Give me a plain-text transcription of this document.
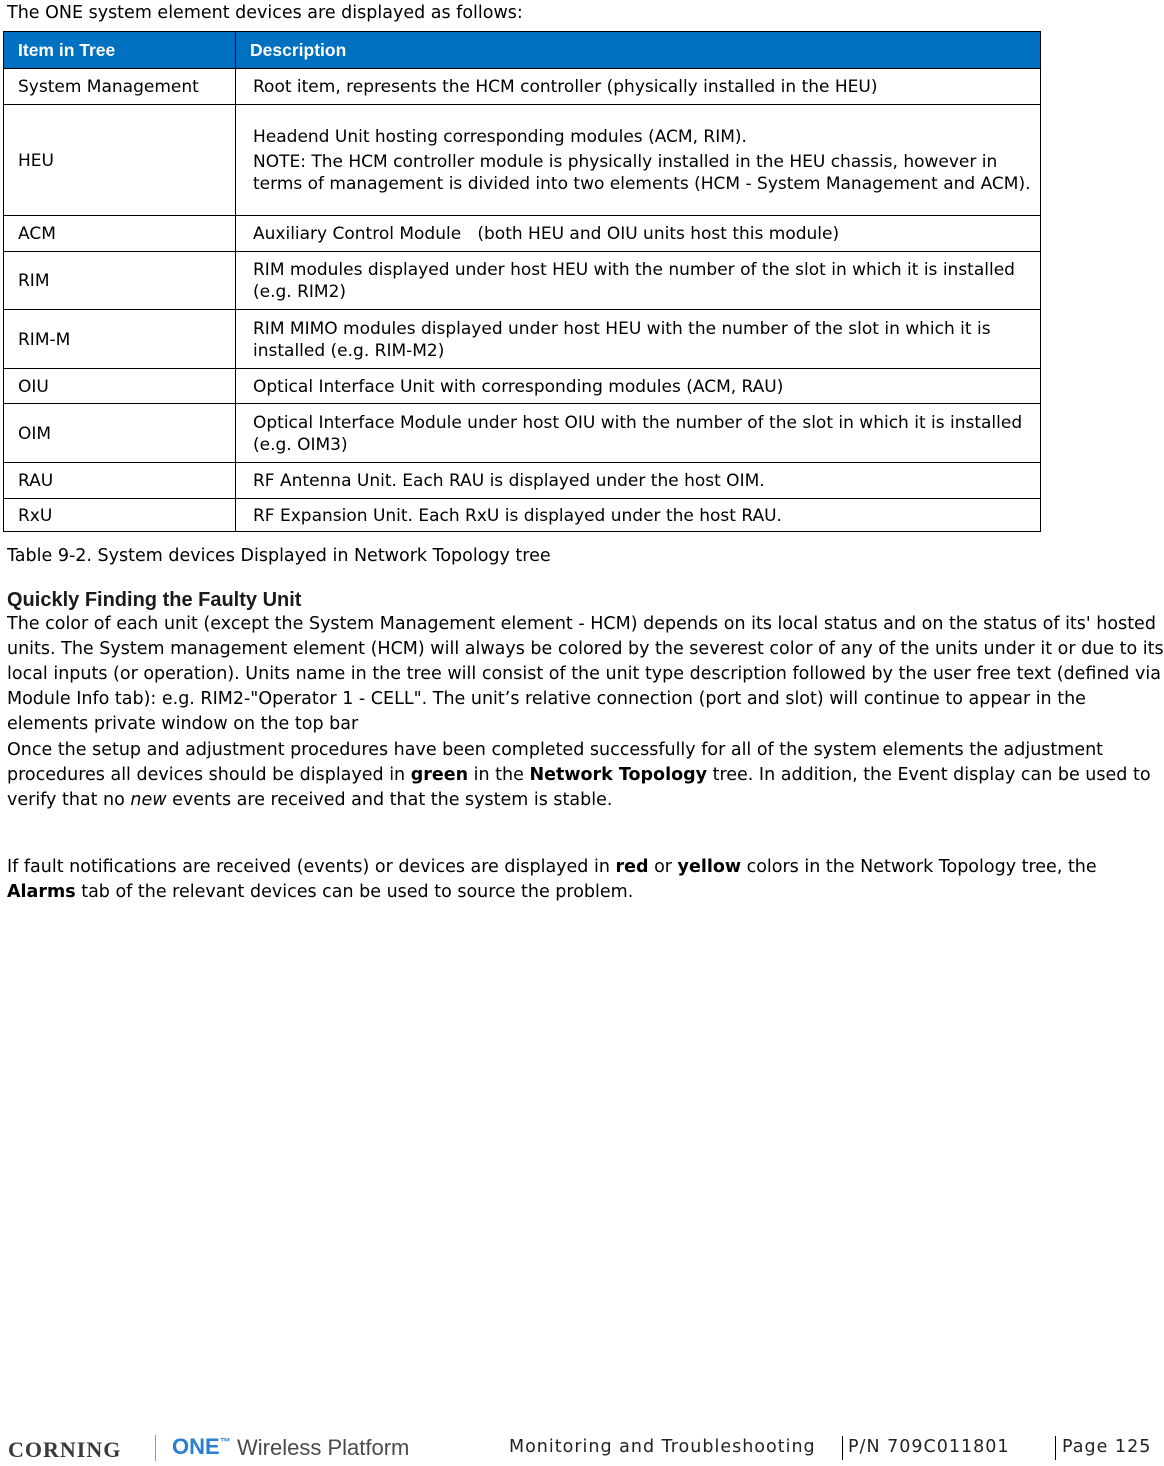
The ONE system element devices are displayed as follows:
Item in Tree	Description
System Management	Root item, represents the HCM controller (physically installed in the HEU)
HEU	Headend Unit hosting corresponding modules (ACM, RIM).
NOTE: The HCM controller module is physically installed in the HEU chassis, however in terms of management is divided into two elements (HCM - System Management and ACM).

ACM	Auxiliary Control Module   (both HEU and OIU units host this module)
RIM	RIM modules displayed under host HEU with the number of the slot in which it is installed (e.g. RIM2)
RIM-M	RIM MIMO modules displayed under host HEU with the number of the slot in which it is installed (e.g. RIM-M2)
OIU	Optical Interface Unit with corresponding modules (ACM, RAU)
OIM	Optical Interface Module under host OIU with the number of the slot in which it is installed (e.g. OIM3)
RAU	RF Antenna Unit. Each RAU is displayed under the host OIM.
RxU	RF Expansion Unit. Each RxU is displayed under the host RAU.
Table 9-2. System devices Displayed in Network Topology tree
Quickly Finding the Faulty Unit
The color of each unit (except the System Management element - HCM) depends on its local status and on the status of its' hosted units. The System management element (HCM) will always be colored by the severest color of any of the units under it or due to its local inputs (or operation). Units name in the tree will consist of the unit type description followed by the user free text (defined via Module Info tab): e.g. RIM2-"Operator 1 - CELL". The unit’s relative connection (port and slot) will continue to appear in the elements private window on the top bar
Once the setup and adjustment procedures have been completed successfully for all of the system elements the adjustment procedures all devices should be displayed in green in the Network Topology tree. In addition, the Event display can be used to verify that no new events are received and that the system is stable.
If fault notifications are received (events) or devices are displayed in red or yellow colors in the Network Topology tree, the Alarms tab of the relevant devices can be used to source the problem.
CORNING ONE™ Wireless Platform	Monitoring and Troubleshooting P/N 709C011801	Page 125
